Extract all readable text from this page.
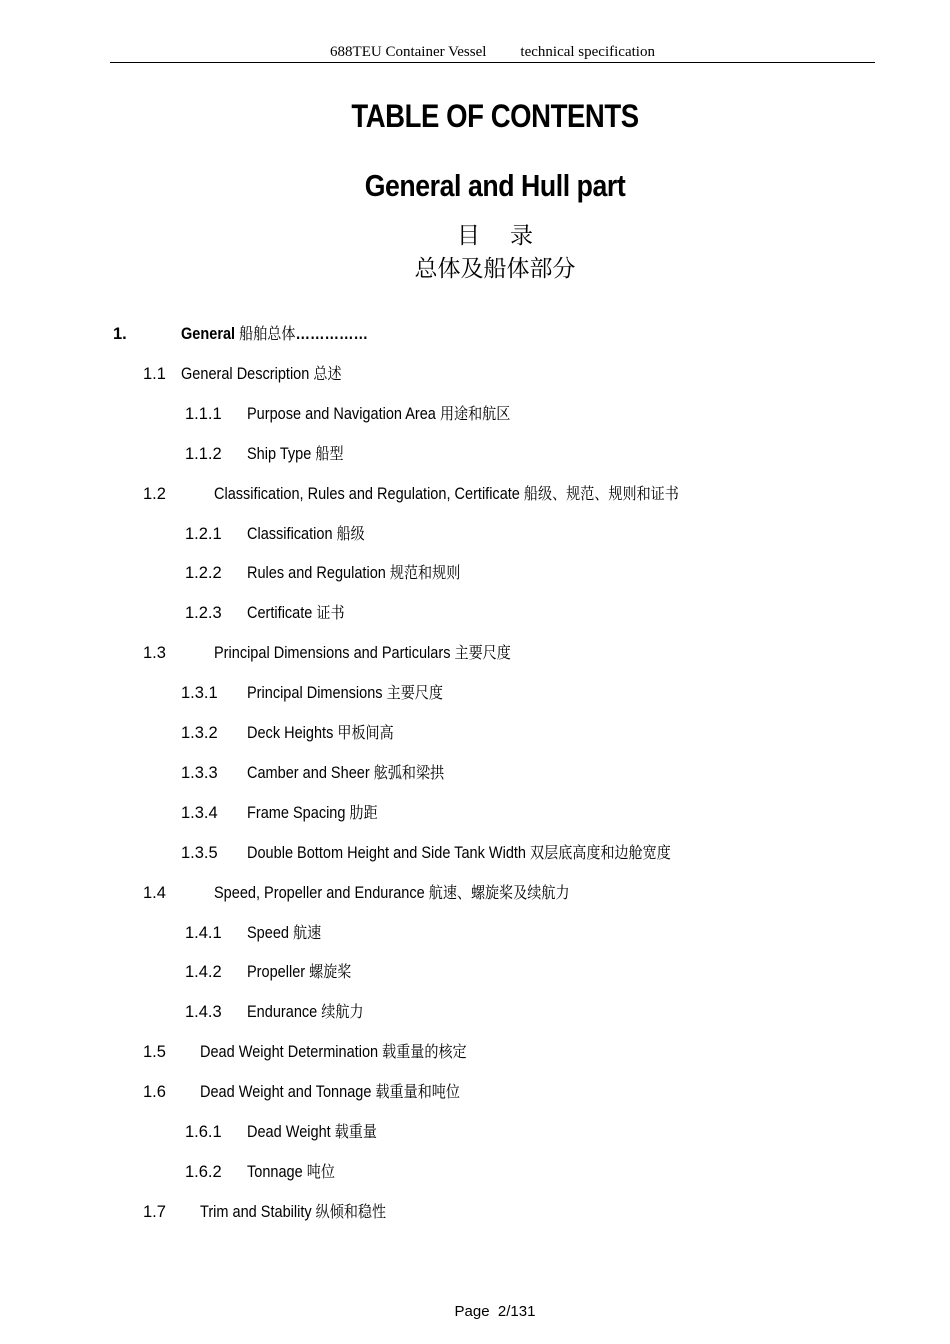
688TEU Container Vessel technical specification
TABLE OF CONTENTS
General and Hull part
目 录
总体及船体部分
1.	General 船舶总体……………
1.1 General Description 总述
1.1.1 Purpose and Navigation Area 用途和航区
1.1.2 Ship Type 船型
1.2	Classification, Rules and Regulation, Certificate 船级、规范、规则和证书
1.2.1 Classification 船级
1.2.2 Rules and Regulation 规范和规则
1.2.3 Certificate 证书
1.3	Principal Dimensions and Particulars 主要尺度
1.3.1 Principal Dimensions 主要尺度
1.3.2 Deck Heights 甲板间高
1.3.3 Camber and Sheer 舷弧和梁拱
1.3.4 Frame Spacing 肋距
1.3.5 Double Bottom Height and Side Tank Width 双层底高度和边舱宽度
1.4	Speed, Propeller and Endurance 航速、螺旋桨及续航力
1.4.1 Speed 航速
1.4.2 Propeller 螺旋桨
1.4.3 Endurance 续航力
1.5 Dead Weight Determination 载重量的核定
1.6 Dead Weight and Tonnage 载重量和吨位
1.6.1 Dead Weight 载重量
1.6.2 Tonnage 吨位
1.7 Trim and Stability 纵倾和稳性
Page 2/131
